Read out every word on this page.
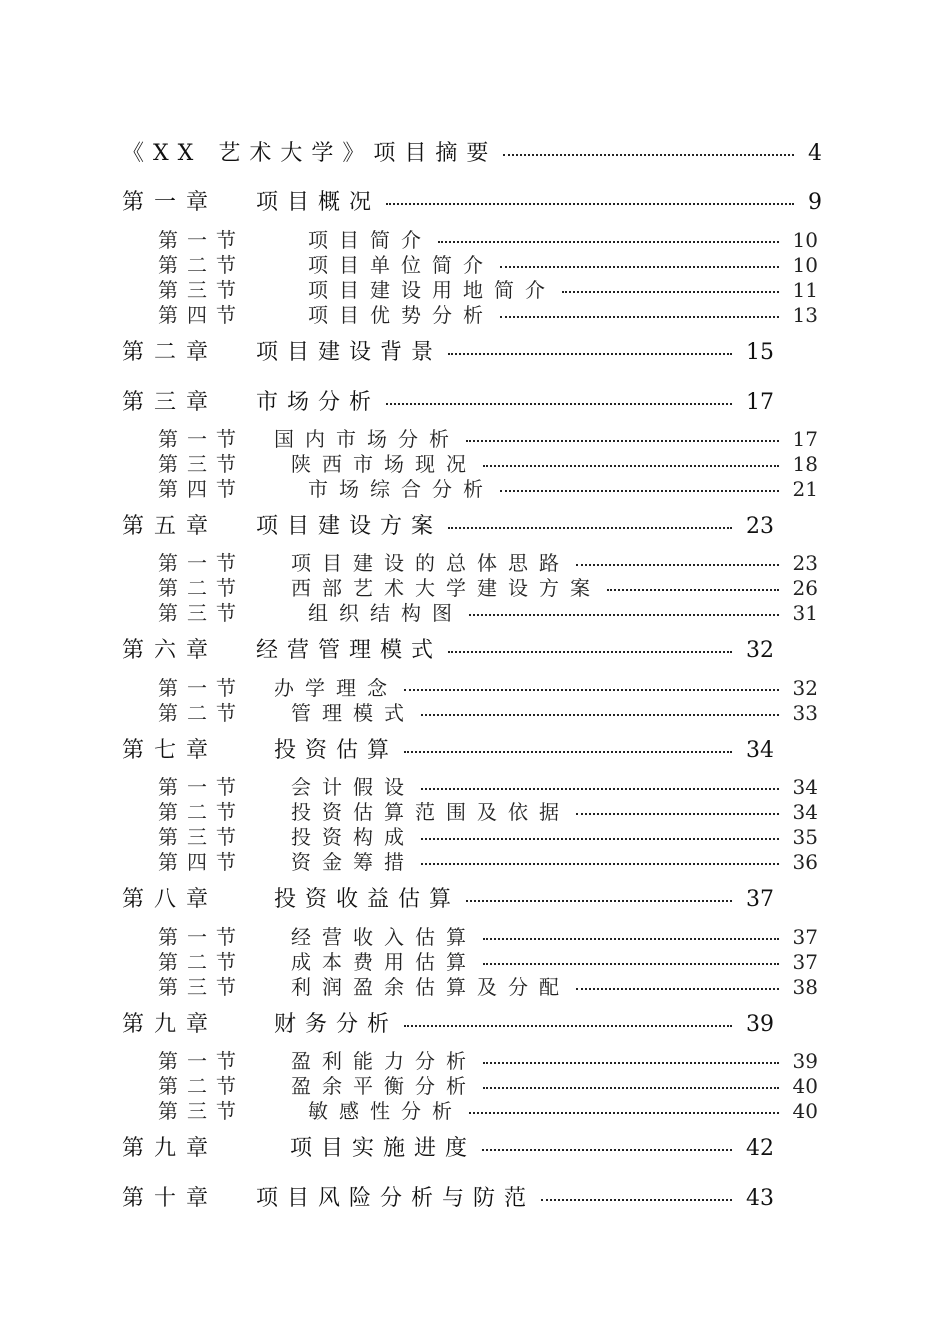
《XX 艺术大学》项目摘要	4
第一章	项目概况	9
第一节	项目简介	10
第二节	项目单位简介	10
第三节	项目建设用地简介	11
第四节	项目优势分析	13
第二章	项目建设背景	15
第三章	市场分析	17
第一节	国内市场分析	17
第三节	陕西市场现况	18
第四节	市场综合分析	21
第五章	项目建设方案	23
第一节	项目建设的总体思路	23
第二节	西部艺术大学建设方案	26
第三节	组织结构图	31
第六章	经营管理模式	32
第一节	办学理念	32
第二节	管理模式	33
第七章	投资估算	34
第一节	会计假设	34
第二节	投资估算范围及依据	34
第三节	投资构成	35
第四节	资金筹措	36
第八章	投资收益估算	37
第一节	经营收入估算	37
第二节	成本费用估算	37
第三节	利润盈余估算及分配	38
第九章	财务分析	39
第一节	盈利能力分析	39
第二节	盈余平衡分析	40
第三节	敏感性分析	40
第九章	项目实施进度	42
第十章	项目风险分析与防范	43
